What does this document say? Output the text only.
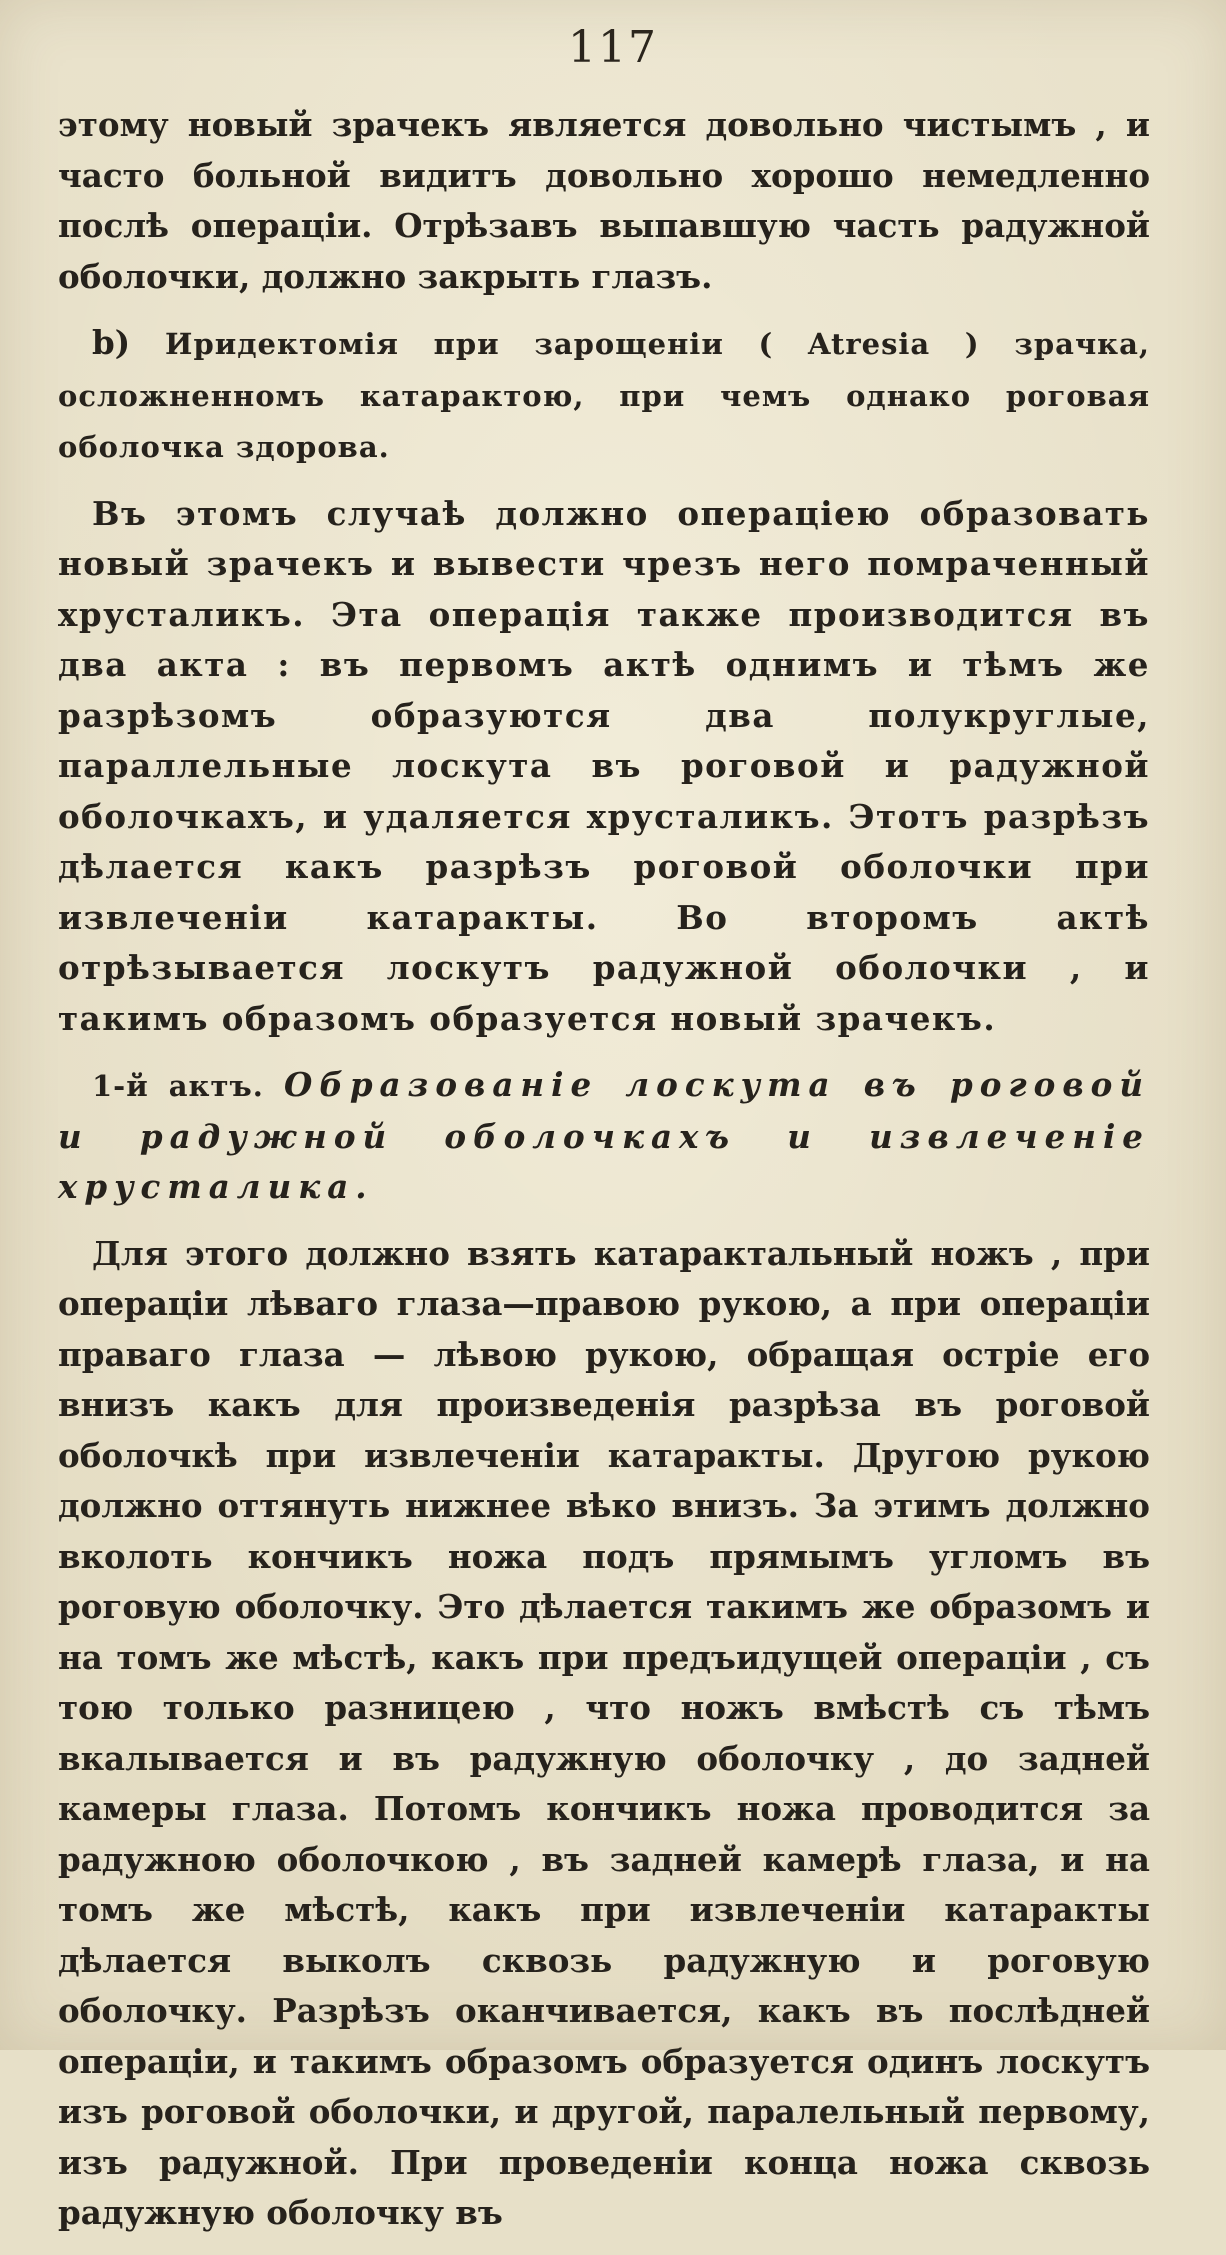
117

этому новый зрачекъ является довольно чистымъ , и часто больной видитъ довольно хорошо немедленно послѣ операціи. Отрѣзавъ выпавшую часть радужной оболочки, должно закрыть глазъ.

b) Иридектомія при зарощеніи ( Atresia ) зрачка, осложненномъ катарактою, при чемъ однако роговая оболочка здорова.

Въ этомъ случаѣ должно операціею образовать новый зрачекъ и вывести чрезъ него помраченный хрусталикъ. Эта операція также производится въ два акта : въ первомъ актѣ однимъ и тѣмъ же разрѣзомъ образуются два полукруглые, параллельные лоскута въ роговой и радужной оболочкахъ, и удаляется хрусталикъ. Этотъ разрѣзъ дѣлается какъ разрѣзъ роговой оболочки при извлеченіи катаракты. Во второмъ актѣ отрѣзывается лоскутъ радужной оболочки , и такимъ образомъ образуется новый зрачекъ.

1-й актъ. Образованіе лоскута въ роговой и радужной оболочкахъ и извлеченіе хрусталика.

Для этого должно взять катарактальный ножъ , при операціи лѣваго глаза—правою рукою, а при операціи праваго глаза — лѣвою рукою, обращая остріе его внизъ какъ для произведенія разрѣза въ роговой оболочкѣ при извлеченіи катаракты. Другою рукою должно оттянуть нижнее вѣко внизъ. За этимъ должно вколоть кончикъ ножа подъ прямымъ угломъ въ роговую оболочку. Это дѣлается такимъ же образомъ и на томъ же мѣстѣ, какъ при предъидущей операціи , съ тою только разницею , что ножъ вмѣстѣ съ тѣмъ вкалывается и въ радужную оболочку , до задней камеры глаза. Потомъ кончикъ ножа проводится за радужною оболочкою , въ задней камерѣ глаза, и на томъ же мѣстѣ, какъ при извлеченіи катаракты дѣлается выколъ сквозь радужную и роговую оболочку. Разрѣзъ оканчивается, какъ въ послѣдней операціи, и такимъ образомъ образуется одинъ лоскутъ изъ роговой оболочки, и другой, паралельный первому, изъ радужной. При проведеніи конца ножа сквозь радужную оболочку въ
